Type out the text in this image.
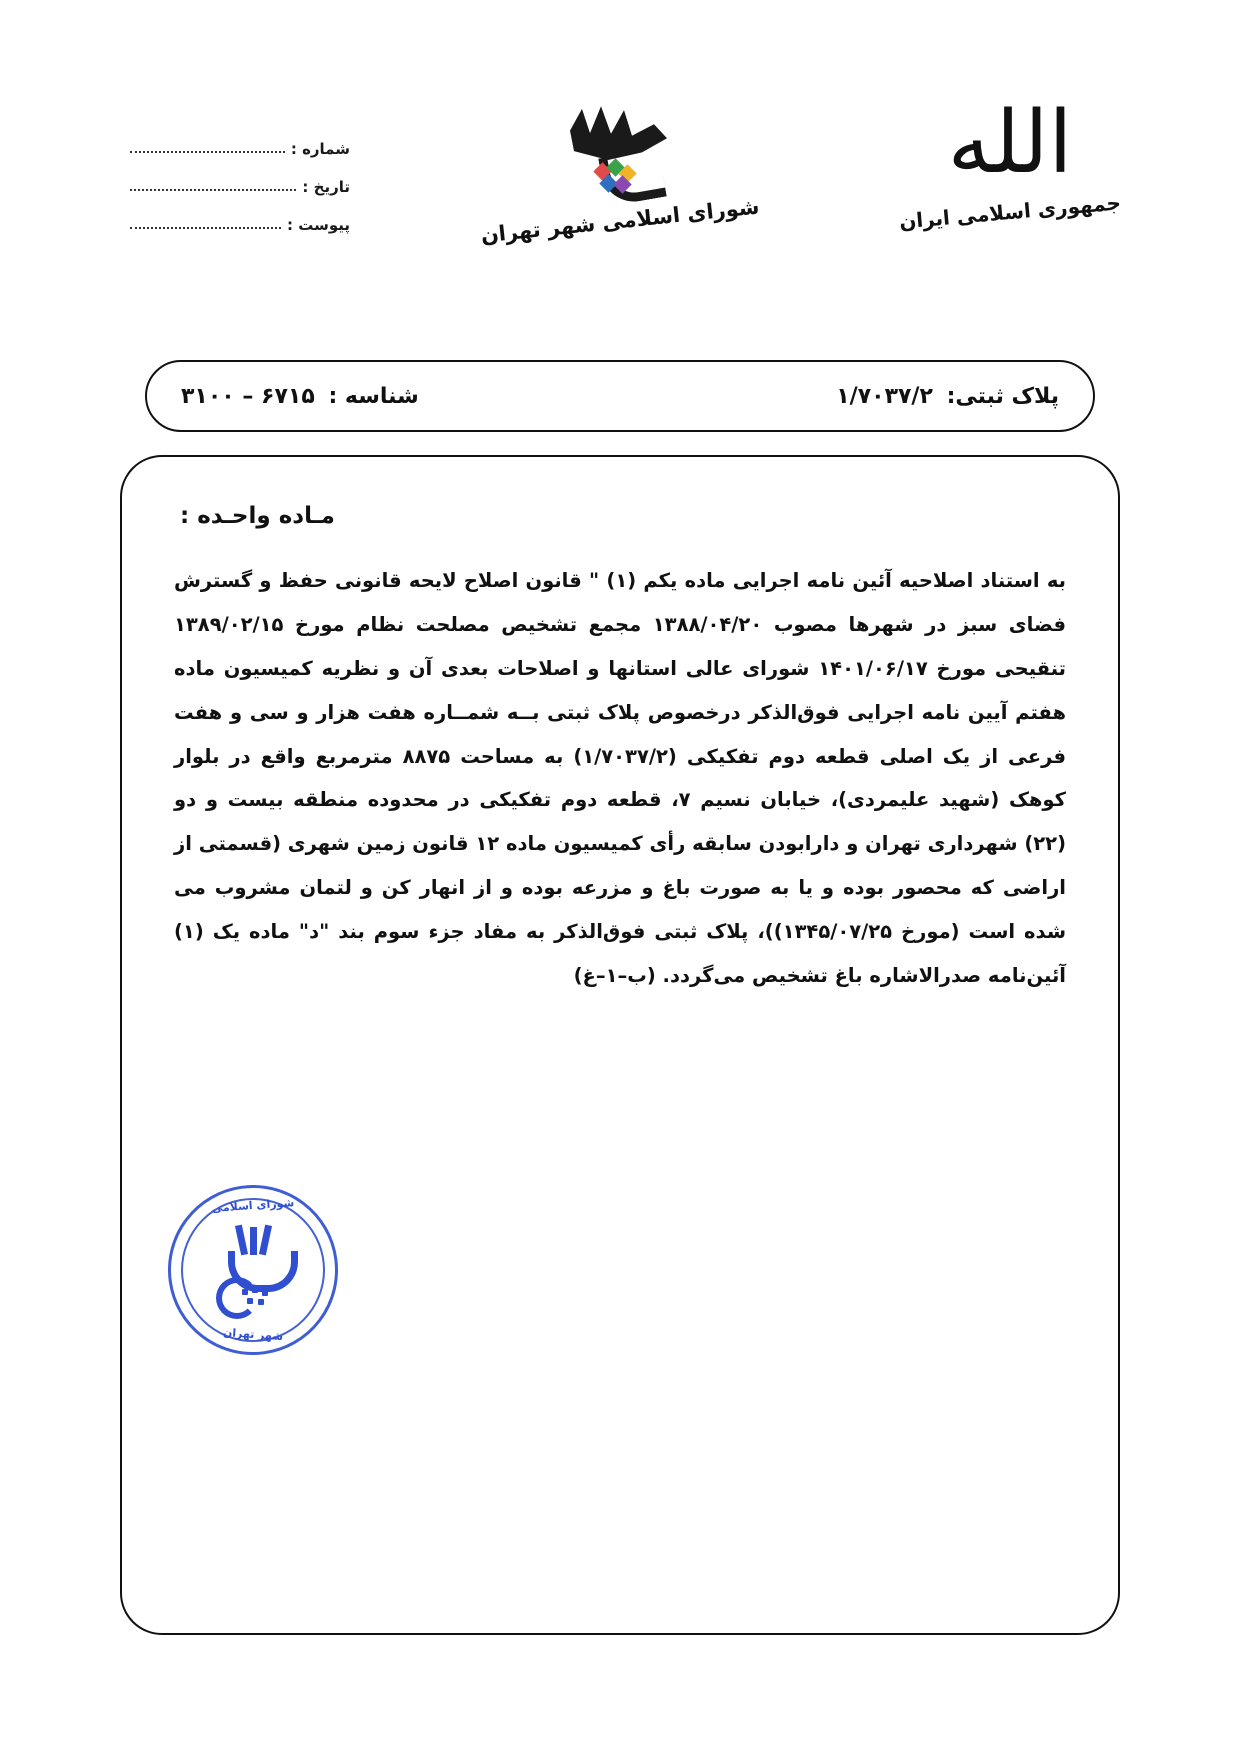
شماره :
تاریخ :
پیوست :	شورای اسلامی شهر تهران
الله
جمهوری اسلامی ایران
پلاک ثبتی: ۱/۷۰۳۷/۲
شناسه : ۶۷۱۵ – ۳۱۰۰
مـاده واحـده :
به استناد اصلاحیه آئین نامه اجرایی ماده یکم (۱) " قانون اصلاح لایحه قانونی حفظ و گسترش فضای سبز در شهرها مصوب ۱۳۸۸/۰۴/۲۰ مجمع تشخیص مصلحت نظام مورخ ۱۳۸۹/۰۲/۱۵ تنقیحی مورخ ۱۴۰۱/۰۶/۱۷ شورای عالی استانها و اصلاحات بعدی آن و نظریه کمیسیون ماده هفتم آیین نامه اجرایی فوق‌الذکر درخصوص پلاک ثبتی بــه شمــاره هفت هزار و سی و هفت فرعی از یک اصلی قطعه دوم تفکیکی (۱/۷۰۳۷/۲) به مساحت ۸۸۷۵ مترمربع واقع در بلوار کوهک (شهید علیمردی)، خیابان نسیم ۷، قطعه دوم تفکیکی در محدوده منطقه بیست و دو (۲۲) شهرداری تهران و دارابودن سابقه رأی کمیسیون ماده ۱۲ قانون زمین شهری (قسمتی از اراضی که محصور بوده و یا به صورت باغ و مزرعه بوده و از انهار کن و لتمان مشروب می شده است (مورخ ۱۳۴۵/۰۷/۲۵))، پلاک ثبتی فوق‌الذکر به مفاد جزء سوم بند "د" ماده یک (۱) آئین‌نامه صدرالاشاره باغ تشخیص می‌گردد. (ب–۱–غ)
شورای اسلامی
شهر تهران
